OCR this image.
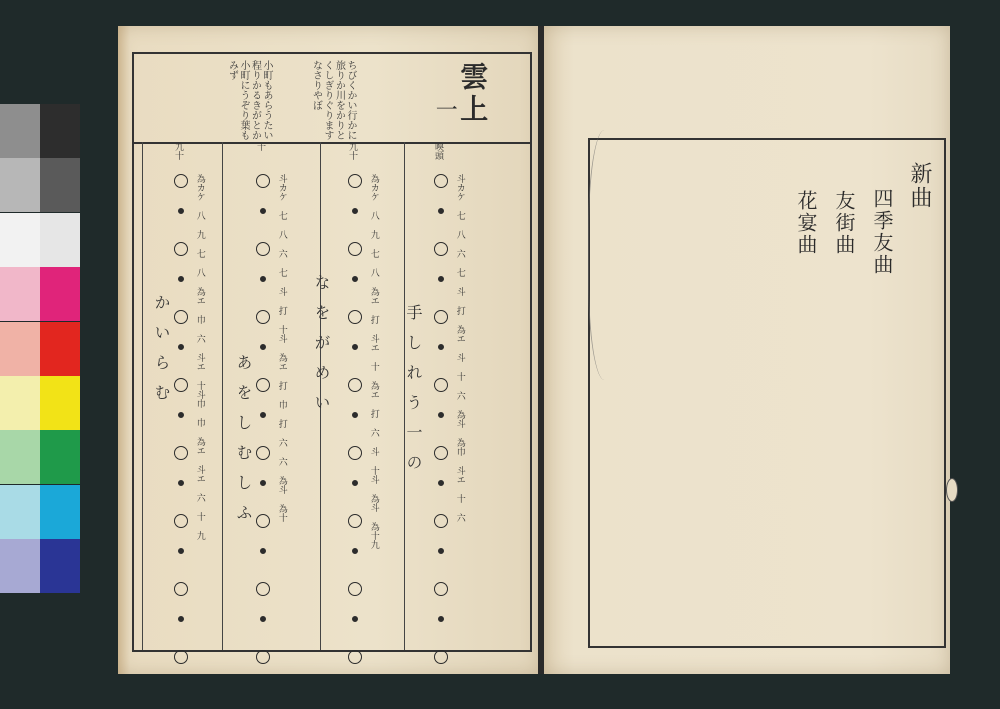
雲上
一
ちびくかい行かに旅りか川をかりとくしぎりぐりますなさりやぼ
小町もあらうたい程りかるきがとか小町にうぞり葉もみず
喚頭
斗カケ七八六七斗打為エ斗十六為斗為巾斗エ十六
九十
為カケ八九七八為エ打斗エ十為エ打六斗十斗為斗為十九
十
斗カケ七八六七斗打十斗為エ打巾打六六為斗為十
九十
為カケ八九七八為エ巾六斗エ十斗巾巾為エ斗エ六十九
手しれう一の
なをがめい
あをしむしふ
かいらむ
新曲
四季友曲
友街曲
花宴曲
